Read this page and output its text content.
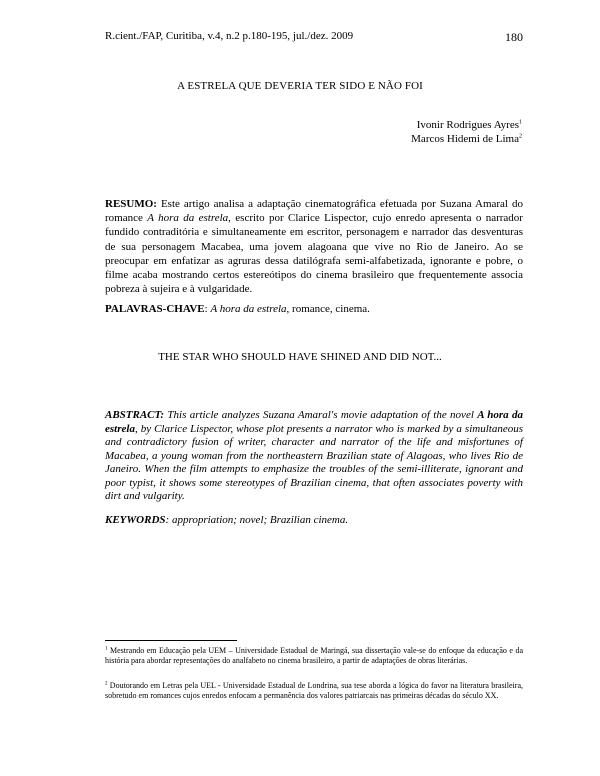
R.cient./FAP, Curitiba, v.4, n.2 p.180-195, jul./dez. 2009	180
A ESTRELA QUE DEVERIA TER SIDO E NÃO FOI
Ivonir Rodrigues Ayres$^1$
Marcos Hidemi de Lima$^2$
RESUMO: Este artigo analisa a adaptação cinematográfica efetuada por Suzana Amaral do romance A hora da estrela, escrito por Clarice Lispector, cujo enredo apresenta o narrador fundido contraditória e simultaneamente em escritor, personagem e narrador das desventuras de sua personagem Macabea, uma jovem alagoana que vive no Rio de Janeiro. Ao se preocupar em enfatizar as agruras dessa datilógrafa semi-alfabetizada, ignorante e pobre, o filme acaba mostrando certos estereótipos do cinema brasileiro que frequentemente associa pobreza à sujeira e à vulgaridade.
PALAVRAS-CHAVE: A hora da estrela, romance, cinema.
THE STAR WHO SHOULD HAVE SHINED AND DID NOT...
ABSTRACT: This article analyzes Suzana Amaral's movie adaptation of the novel A hora da estrela, by Clarice Lispector, whose plot presents a narrator who is marked by a simultaneous and contradictory fusion of writer, character and narrator of the life and misfortunes of Macabea, a young woman from the northeastern Brazilian state of Alagoas, who lives Rio de Janeiro. When the film attempts to emphasize the troubles of the semi-illiterate, ignorant and poor typist, it shows some stereotypes of Brazilian cinema, that often associates poverty with dirt and vulgarity.
KEYWORDS: appropriation; novel; Brazilian cinema.
$^1$ Mestrando em Educação pela UEM – Universidade Estadual de Maringá, sua dissertação vale-se do enfoque da educação e da história para abordar representações do analfabeto no cinema brasileiro, a partir de adaptações de obras literárias.
$^2$ Doutorando em Letras pela UEL - Universidade Estadual de Londrina, sua tese aborda a lógica do favor na literatura brasileira, sobretudo em romances cujos enredos enfocam a permanência dos valores patriarcais nas primeiras décadas do século XX.
